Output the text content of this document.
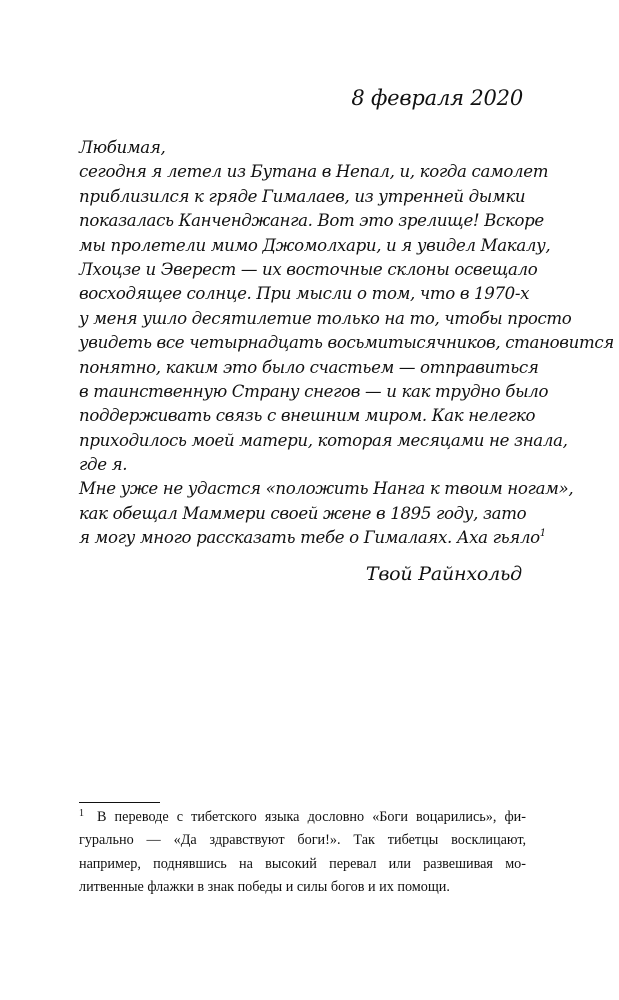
8 февраля 2020
Любимая,
сегодня я летел из Бутана в Непал, и, когда самолет
приблизился к гряде Гималаев, из утренней дымки
показалась Канченджанга. Вот это зрелище! Вскоре
мы пролетели мимо Джомолхари, и я увидел Макалу,
Лхоцзе и Эверест — их восточные склоны освещало
восходящее солнце. При мысли о том, что в 1970-х
у меня ушло десятилетие только на то, чтобы просто
увидеть все четырнадцать восьмитысячников, становится
понятно, каким это было счастьем — отправиться
в таинственную Страну снегов — и как трудно было
поддерживать связь с внешним миром. Как нелегко
приходилось моей матери, которая месяцами не знала,
где я.
Мне уже не удастся «положить Нанга к твоим ногам»,
как обещал Маммери своей жене в 1895 году, зато
я могу много рассказать тебе о Гималаях. Аха гьяло$^1$
Твой Райнхольд
1 В переводе с тибетского языка дословно «Боги воцарились», фи-
гурально — «Да здравствуют боги!». Так тибетцы восклицают,
например, поднявшись на высокий перевал или развешивая мо-
литвенные флажки в знак победы и силы богов и их помощи.
